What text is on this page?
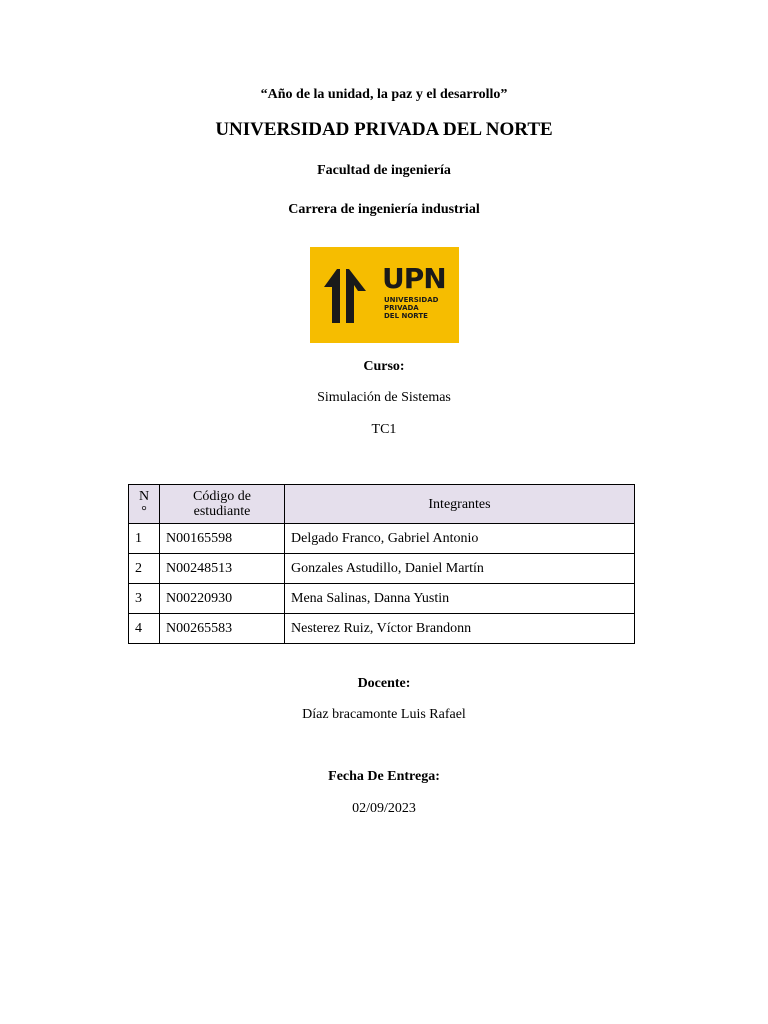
“Año de la unidad, la paz y el desarrollo”
UNIVERSIDAD PRIVADA DEL NORTE
Facultad de ingeniería
Carrera de ingeniería industrial
UPN
UNIVERSIDAD
PRIVADA
DEL NORTE
Curso:
Simulación de Sistemas
TC1
N
°	Código de estudiante	Integrantes
1	N00165598	Delgado Franco, Gabriel Antonio
2	N00248513	Gonzales Astudillo, Daniel Martín
3	N00220930	Mena Salinas, Danna Yustin
4	N00265583	Nesterez Ruiz, Víctor Brandonn
Docente:
Díaz bracamonte Luis Rafael
Fecha De Entrega:
02/09/2023
